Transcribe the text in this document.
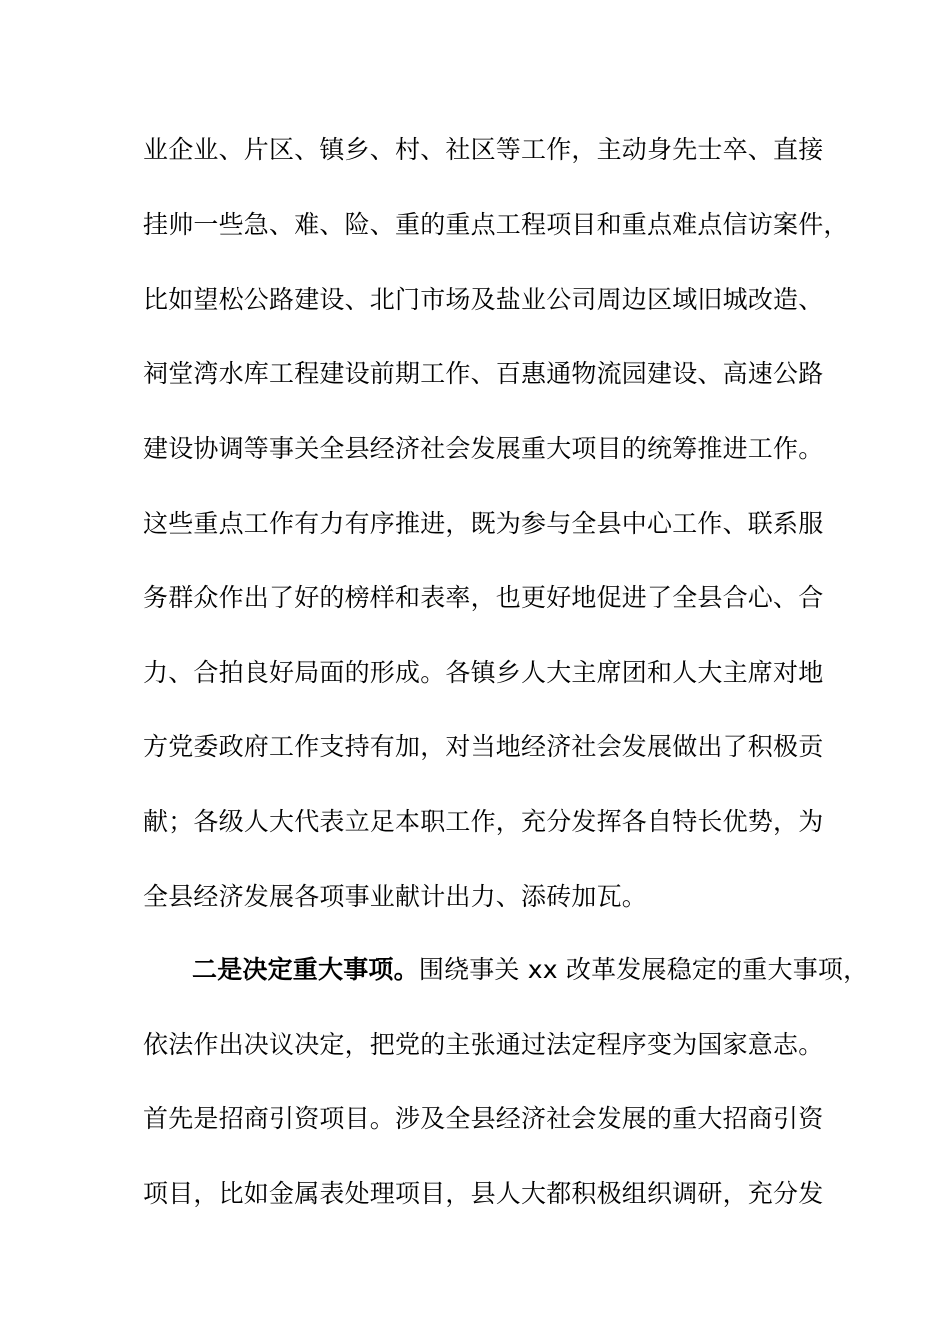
业企业、片区、镇乡、村、社区等工作，主动身先士卒、直接
挂帅一些急、难、险、重的重点工程项目和重点难点信访案件，
比如望松公路建设、北门市场及盐业公司周边区域旧城改造、
祠堂湾水库工程建设前期工作、百惠通物流园建设、高速公路
建设协调等事关全县经济社会发展重大项目的统筹推进工作。
这些重点工作有力有序推进，既为参与全县中心工作、联系服
务群众作出了好的榜样和表率，也更好地促进了全县合心、合
力、合拍良好局面的形成。各镇乡人大主席团和人大主席对地
方党委政府工作支持有加，对当地经济社会发展做出了积极贡
献；各级人大代表立足本职工作，充分发挥各自特长优势，为
全县经济发展各项事业献计出力、添砖加瓦。
二是决定重大事项。围绕事关 xx 改革发展稳定的重大事项，
依法作出决议决定，把党的主张通过法定程序变为国家意志。
首先是招商引资项目。涉及全县经济社会发展的重大招商引资
项目，比如金属表处理项目，县人大都积极组织调研，充分发
